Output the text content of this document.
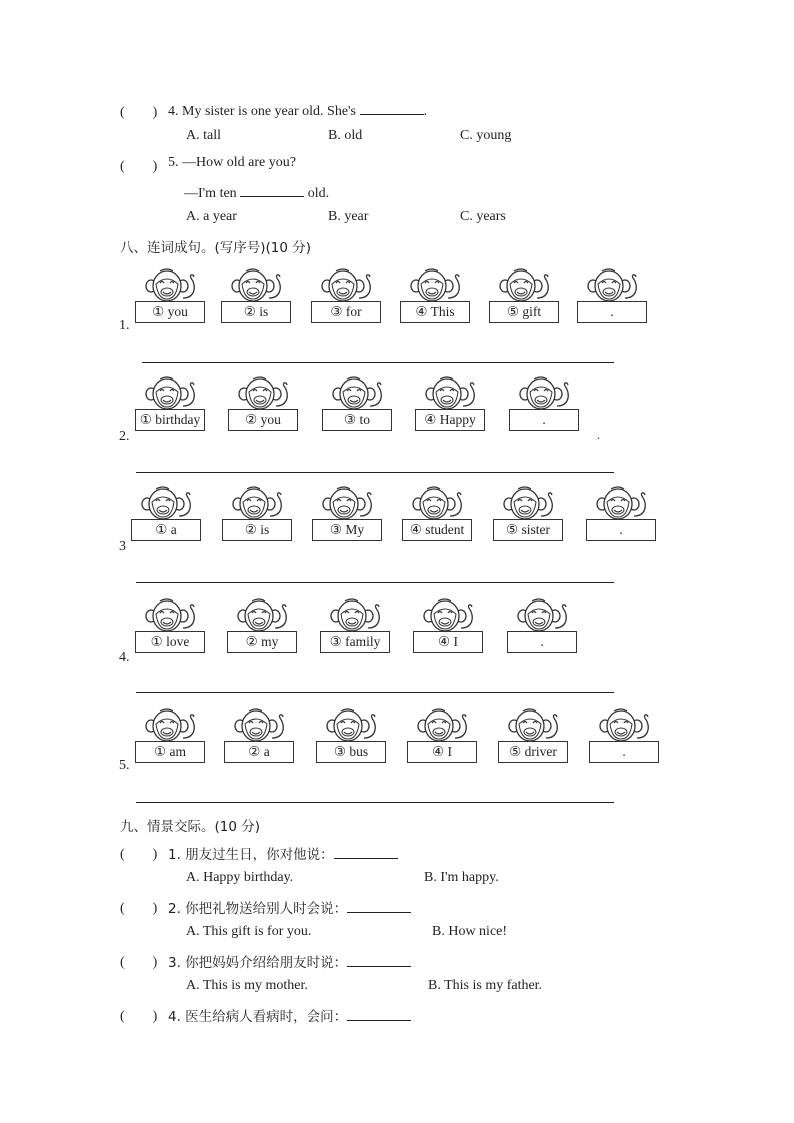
(　　) 4. My sister is one year old. She's	.
A. tall	B. old	C. young
(　　) 5. —How old are you?
—I'm ten	old.
A. a year	B. year	C. years
八、连词成句。(写序号)(10 分)
1.
① you	② is	③ for	④ This	⑤ gift	.
2.
① birthday	② you	③ to	④ Happy	.
3
① a	② is	③ My	④ student	⑤ sister	.
4.
① love	② my	③ family	④ I	.
5.
① am	② a	③ bus	④ I	⑤ driver	.
.
九、情景交际。(10 分)
(　　) 1. 朋友过生日，你对他说：
A. Happy birthday.	B. I'm happy.
(　　) 2. 你把礼物送给别人时会说：
A. This gift is for you.	B. How nice!
(　　) 3. 你把妈妈介绍给朋友时说：
A. This is my mother.	B. This is my father.
(　　) 4. 医生给病人看病时，会问：
